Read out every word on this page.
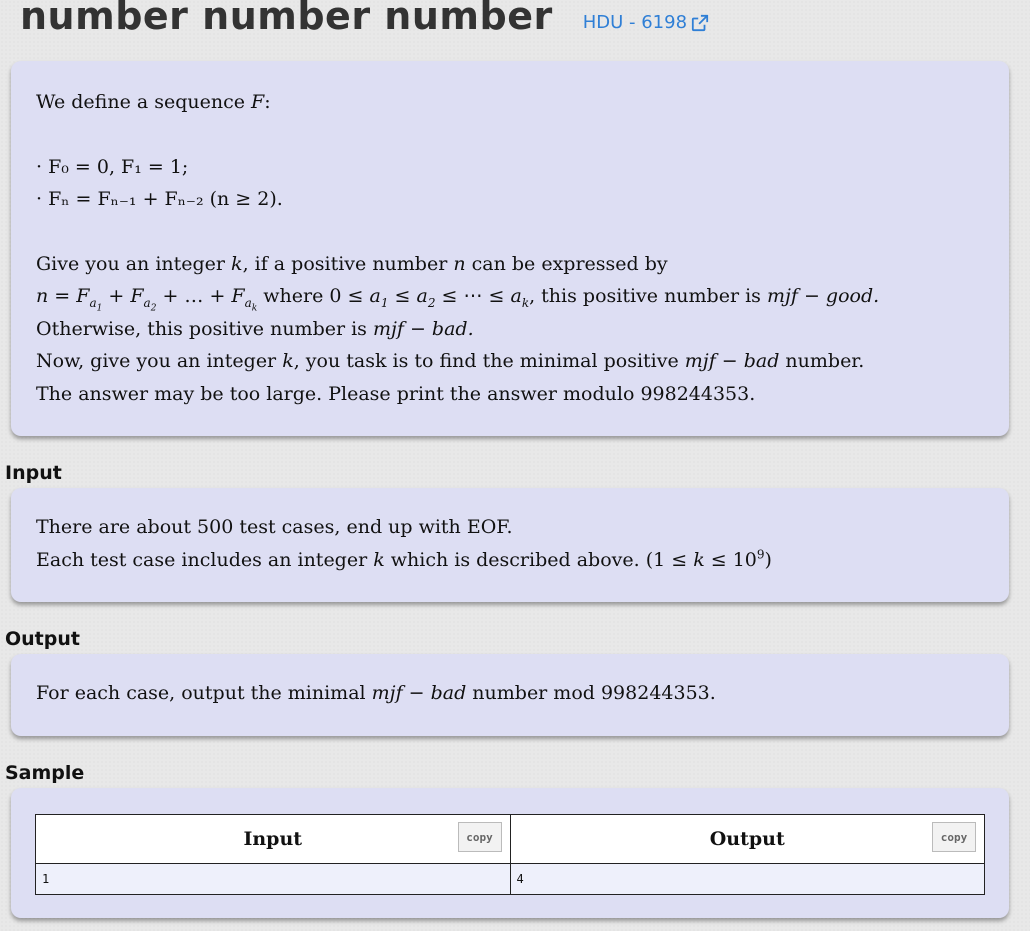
number number number HDU - 6198
We define a sequence F:
· F₀ = 0, F₁ = 1;
· Fₙ = Fₙ₋₁ + Fₙ₋₂ (n ≥ 2).
Give you an integer k, if a positive number n can be expressed by
$n = F_{a_1} + F_{a_2}$ + … + $F_{a_k}$ where $0 \le a_1 \le a_2$ ≤ ⋯ ≤ $a_k$, this positive number is mjf − good.
Otherwise, this positive number is mjf − bad.
Now, give you an integer k, you task is to find the minimal positive mjf − bad number.
The answer may be too large. Please print the answer modulo 998244353.
Input
There are about 500 test cases, end up with EOF.
Each test case includes an integer k which is described above. $(1 \le k \le 10^9)$
Output
For each case, output the minimal mjf − bad number mod 998244353.
Sample
Input copy	Output copy

1	4
